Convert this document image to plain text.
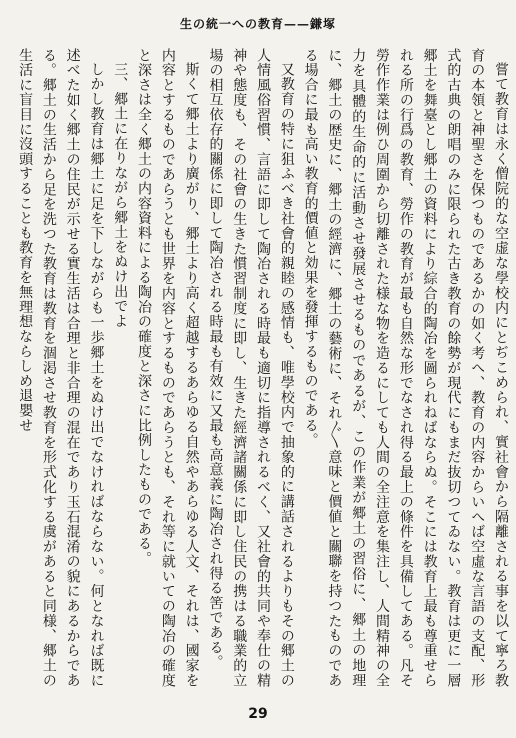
生の統一への教育——鎌塚

嘗て教育は永く僧院的な空虚な學校内にとぢこめられ、實社會から隔離される事を以て寧ろ教育の本領と神聖さを保つものであるかの如く考へ、教育の内容からいへば空虛な言語の支配、形式的古典の朗唱のみに限られた古き教育の餘勢が現代にもまだ抜切つてゐない。教育は更に一層郷土を舞臺とし郷土の資料により綜合的陶冶を圖られねばならぬ。そこには教育上最も尊重せられる所の行爲の教育、勞作の教育が最も自然な形でなされ得る最上の條件を具備してある。凡そ勞作作業は例ひ周圍から切離された様な物を造るにしても人間の全注意を集注し、人間精神の全力を具體的生命的に活動させ發展させるものであるが、この作業が郷土の習俗に、郷土の地理に、郷土の歴史に、郷土の經濟に、郷土の藝術に、それ〴〵意味と價値と關聯を持つたものである場合に最も高い教育的價値と効果を發揮するものである。

又教育の特に狙ふべき社會的親睦の感情も、唯學校内で抽象的に講話されるよりもその郷土の人情風俗習慣、言語に即して陶冶される時最も適切に指導されるべく、又社會的共同や奉仕の精神や態度も、その社會の生きた慣習制度に即し、生きた經濟諸關係に即し住民の携はる職業的立場の相互依存的關係に即して陶冶される時最も有效に又最も高意義に陶冶され得る筈である。

斯くて郷土より廣がり、郷土より高く超越するあらゆる自然やあらゆる人文、それは、國家を内容とするものであらうとも世界を内容とするものであらうとも、それ等に就いての陶冶の確度と深さは全く郷土の内容資料による陶冶の確度と深さに比例したものである。

三、郷土に在りながら郷土をぬけ出でよ

しかし教育は郷土に足を下しながらも一歩郷土をぬけ出でなければならない。何となれば既に述べた如く郷土の住民が示せる實生活は合理と非合理の混在であり玉石混淆の貌にあるからである。郷土の生活から足を洗つた教育は教育を涸渇させ教育を形式化する虞があると同様、郷土の生活に盲目に沒頭することも教育を無理想ならしめ退嬰せ

29
